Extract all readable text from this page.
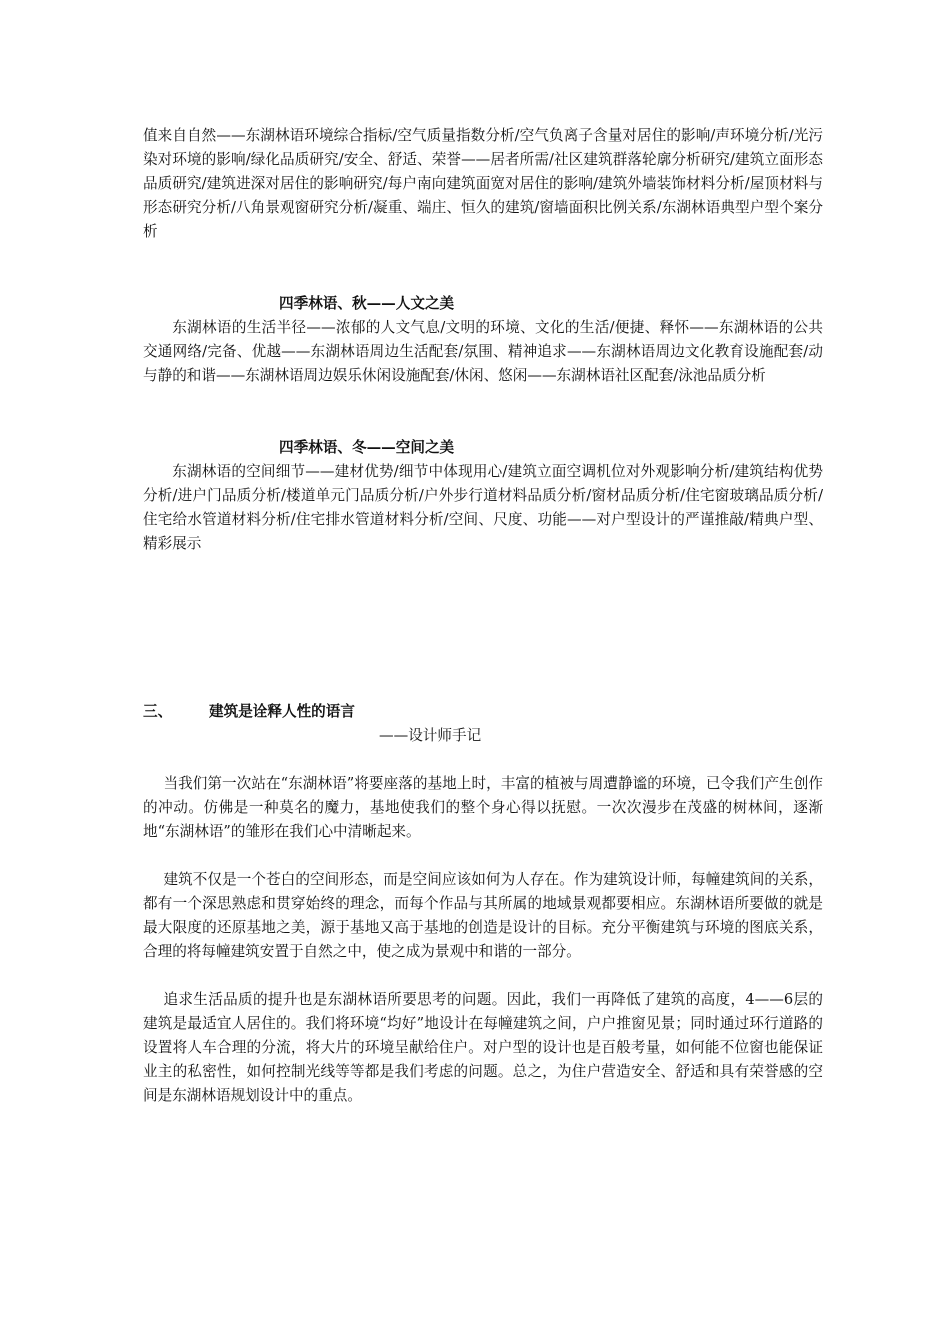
值来自自然——东湖林语环境综合指标/空气质量指数分析/空气负离子含量对居住的影响/声环境分析/光污染对环境的影响/绿化品质研究/安全、舒适、荣誉——居者所需/社区建筑群落轮廓分析研究/建筑立面形态品质研究/建筑进深对居住的影响研究/每户南向建筑面宽对居住的影响/建筑外墙装饰材料分析/屋顶材料与形态研究分析/八角景观窗研究分析/凝重、端庄、恒久的建筑/窗墙面积比例关系/东湖林语典型户型个案分析

四季林语、秋——人文之美

东湖林语的生活半径——浓郁的人文气息/文明的环境、文化的生活/便捷、释怀——东湖林语的公共交通网络/完备、优越——东湖林语周边生活配套/氛围、精神追求——东湖林语周边文化教育设施配套/动与静的和谐——东湖林语周边娱乐休闲设施配套/休闲、悠闲——东湖林语社区配套/泳池品质分析

四季林语、冬——空间之美

东湖林语的空间细节——建材优势/细节中体现用心/建筑立面空调机位对外观影响分析/建筑结构优势分析/进户门品质分析/楼道单元门品质分析/户外步行道材料品质分析/窗材品质分析/住宅窗玻璃品质分析/住宅给水管道材料分析/住宅排水管道材料分析/空间、尺度、功能——对户型设计的严谨推敲/精典户型、精彩展示

三、	建筑是诠释人性的语言
——设计师手记

当我们第一次站在“东湖林语”将要座落的基地上时，丰富的植被与周遭静谧的环境，已令我们产生创作的冲动。仿佛是一种莫名的魔力，基地使我们的整个身心得以抚慰。一次次漫步在茂盛的树林间，逐渐地“东湖林语”的雏形在我们心中清晰起来。

建筑不仅是一个苍白的空间形态，而是空间应该如何为人存在。作为建筑设计师，每幢建筑间的关系，都有一个深思熟虑和贯穿始终的理念，而每个作品与其所属的地域景观都要相应。东湖林语所要做的就是最大限度的还原基地之美，源于基地又高于基地的创造是设计的目标。充分平衡建筑与环境的图底关系，合理的将每幢建筑安置于自然之中，使之成为景观中和谐的一部分。

追求生活品质的提升也是东湖林语所要思考的问题。因此，我们一再降低了建筑的高度，4——6层的建筑是最适宜人居住的。我们将环境“均好”地设计在每幢建筑之间，户户推窗见景；同时通过环行道路的设置将人车合理的分流，将大片的环境呈献给住户。对户型的设计也是百般考量，如何能不位窗也能保证业主的私密性，如何控制光线等等都是我们考虑的问题。总之，为住户营造安全、舒适和具有荣誉感的空间是东湖林语规划设计中的重点。
